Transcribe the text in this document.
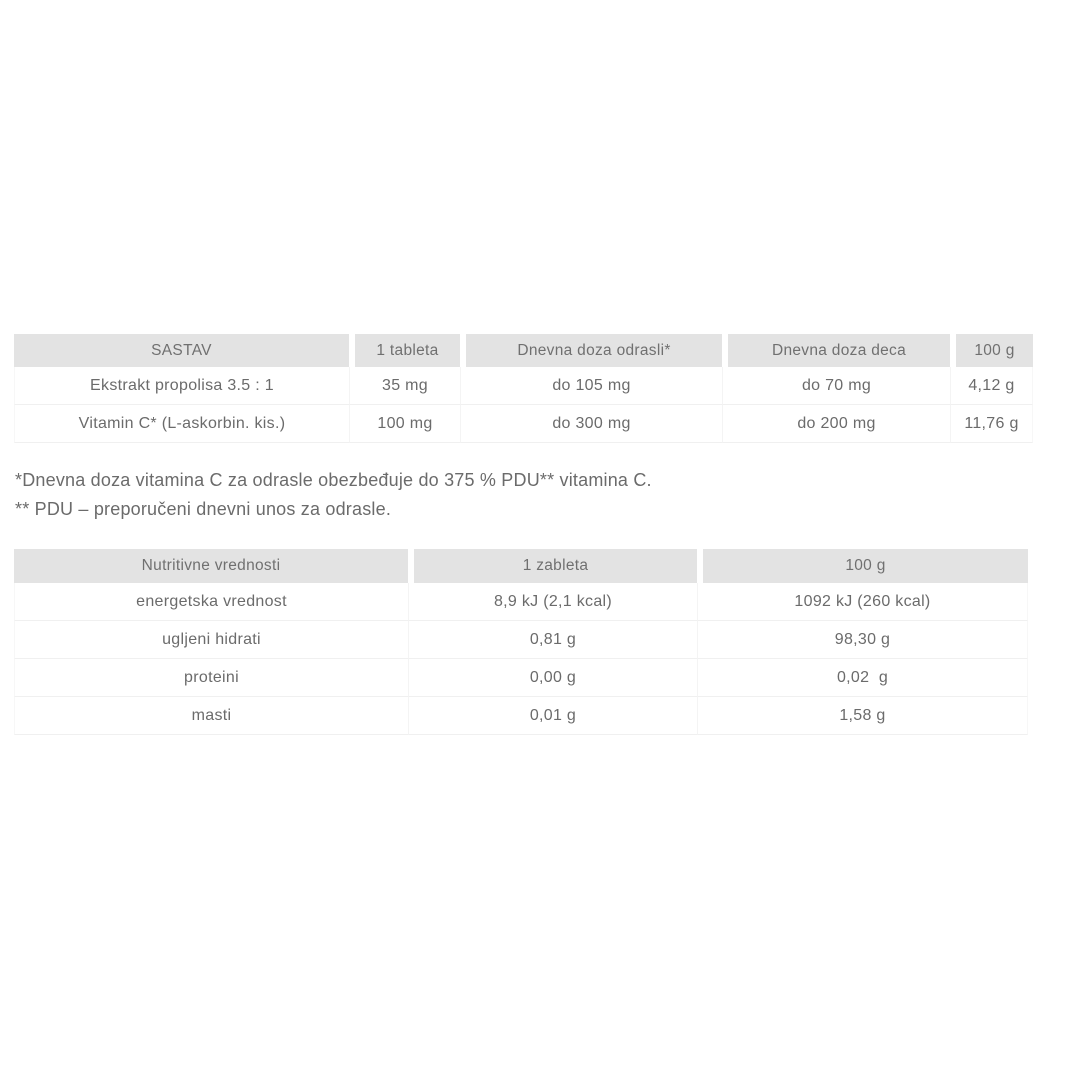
SASTAV	1 tableta	Dnevna doza odrasli*	Dnevna doza deca	100 g
Ekstrakt propolisa 3.5 : 1	35 mg	do 105 mg	do 70 mg	4,12 g
Vitamin C* (L-askorbin. kis.)	100 mg	do 300 mg	do 200 mg	11,76 g

*Dnevna doza vitamina C za odrasle obezbeđuje do 375 % PDU** vitamina C.

** PDU – preporučeni dnevni unos za odrasle.

Nutritivne vrednosti	1 zableta	100 g
energetska vrednost	8,9 kJ (2,1 kcal)	1092 kJ (260 kcal)
ugljeni hidrati	0,81 g	98,30 g
proteini	0,00 g	0,02  g
masti	0,01 g	1,58 g
